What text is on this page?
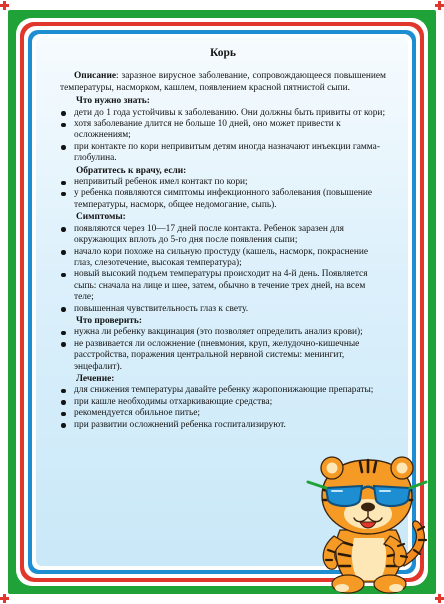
Корь

Описание: заразное вирусное заболевание, сопровождающееся повышением температуры, насморком, кашлем, появлением красной пятнистой сыпи.

Что нужно знать:
дети до 1 года устойчивы к заболеванию. Они должны быть привиты от кори;
хотя заболевание длится не больше 10 дней, оно может привести к осложнениям;
при контакте по кори непривитым детям иногда назначают инъекции гамма-глобулина.
Обратитесь к врачу, если:
непривитый ребенок имел контакт по кори;
у ребенка появляются симптомы инфекционного заболевания (повышение температуры, насморк, общее недомогание, сыпь).
Симптомы:
появляются через 10—17 дней после контакта. Ребенок заразен для окружающих вплоть до 5-го дня после появления сыпи;
начало кори похоже на сильную простуду (кашель, насморк, покраснение глаз, слезотечение, высокая температура);
новый высокий подъем температуры происходит на 4-й день. Появляется сыпь: сначала на лице и шее, затем, обычно в течение трех дней, на всем теле;
повышенная чувствительность глаз к свету.
Что проверить:
нужна ли ребенку вакцинация (это позволяет определить анализ крови);
не развивается ли осложнение (пневмония, круп, желудочно-кишечные расстройства, поражения центральной нервной системы: менингит, энцефалит).
Лечение:
для снижения температуры давайте ребенку жаропонижающие препараты;
при кашле необходимы отхаркивающие средства;
рекомендуется обильное питье;
при развитии осложнений ребенка госпитализируют.
